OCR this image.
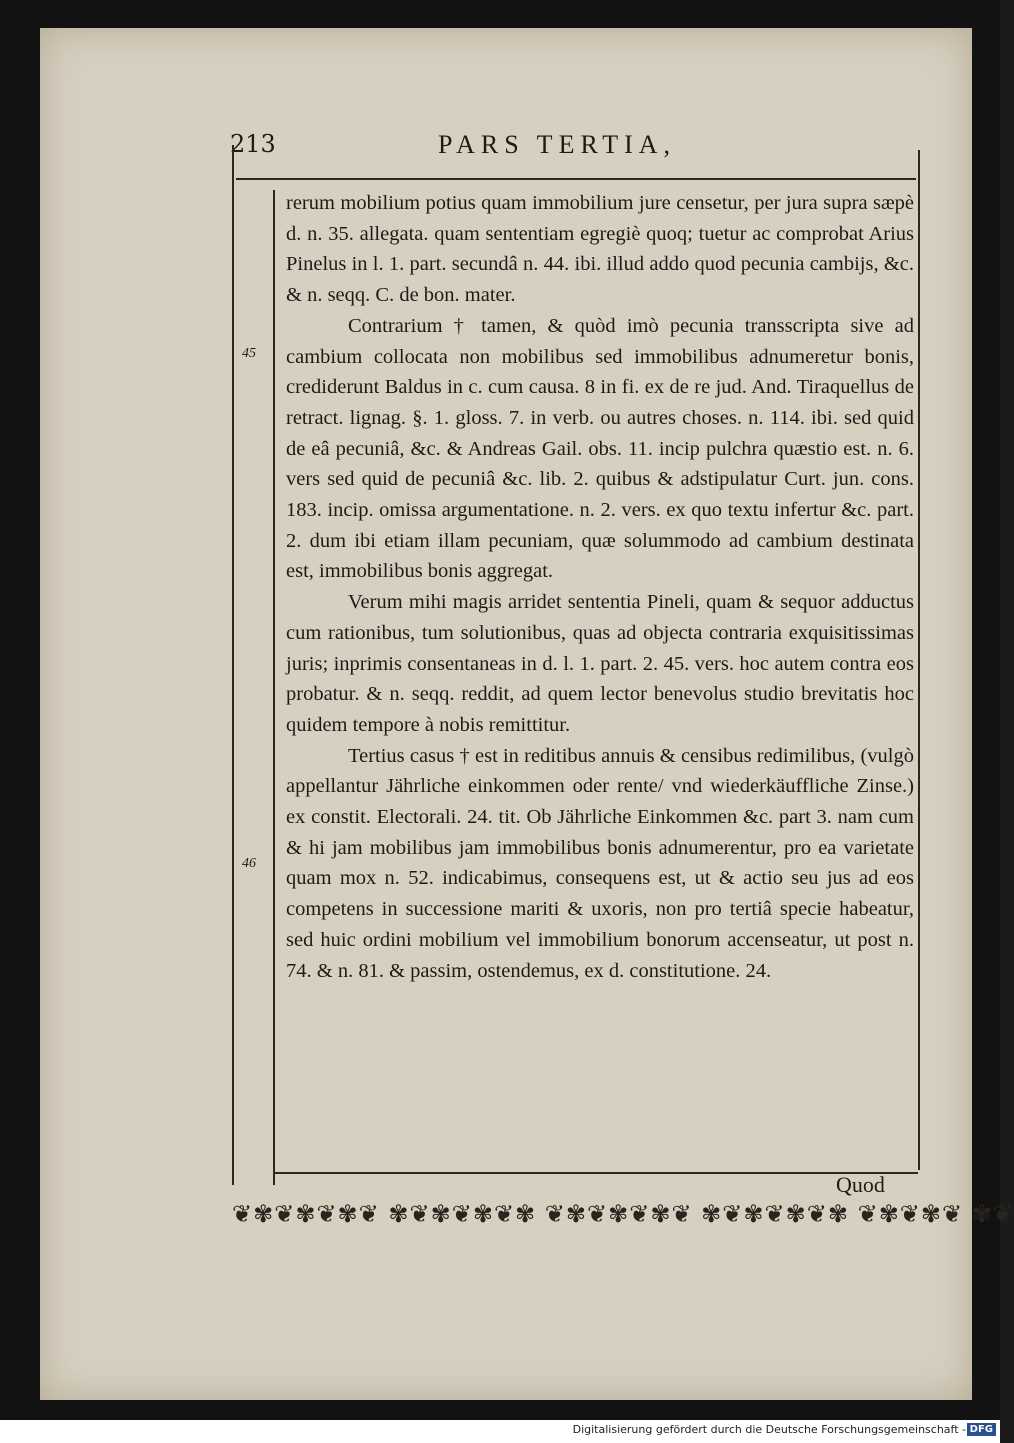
213	PARS TERTIA,
45
46

rerum mobilium potius quam immobilium jure censetur, per jura supra sæpè d. n. 35. allegata. quam sententiam egregiè quoq; tuetur ac comprobat Arius Pinelus in l. 1. part. secundâ n. 44. ibi. illud addo quod pecunia cambijs, &c. & n. seqq. C. de bon. mater.

Contrarium † tamen, & quòd imò pecunia transscripta sive ad cambium collocata non mobilibus sed immobilibus adnumeretur bonis, crediderunt Baldus in c. cum causa. 8 in fi. ex de re jud. And. Tiraquellus de retract. lignag. §. 1. gloss. 7. in verb. ou autres choses. n. 114. ibi. sed quid de eâ pecuniâ, &c. & Andreas Gail. obs. 11. incip pulchra quæstio est. n. 6. vers sed quid de pecuniâ &c. lib. 2. quibus & adstipulatur Curt. jun. cons. 183. incip. omissa argumentatione. n. 2. vers. ex quo textu infertur &c. part. 2. dum ibi etiam illam pecuniam, quæ solummodo ad cambium destinata est, immobilibus bonis aggregat.

Verum mihi magis arridet sententia Pineli, quam & sequor adductus cum rationibus, tum solutionibus, quas ad objecta contraria exquisitissimas juris; inprimis consentaneas in d. l. 1. part. 2. 45. vers. hoc autem contra eos probatur. & n. seqq. reddit, ad quem lector benevolus studio brevitatis hoc quidem tempore à nobis remittitur.

Tertius casus † est in reditibus annuis & censibus redimilibus, (vulgò appellantur Jährliche einkommen oder rente/ vnd wiederkäuffliche Zinse.) ex constit. Electorali. 24. tit. Ob Jährliche Einkommen &c. part 3. nam cum & hi jam mobilibus jam immobilibus bonis adnumerentur, pro ea varietate quam mox n. 52. indicabimus, consequens est, ut & actio seu jus ad eos competens in successione mariti & uxoris, non pro tertiâ specie habeatur, sed huic ordini mobilium vel immobilium bonorum accenseatur, ut post n. 74. & n. 81. & passim, ostendemus, ex d. constitutione. 24.

Quod
❦✾❦✾❦✾❦ ✾❦✾❦✾❦✾ ❦✾❦✾❦✾❦ ✾❦✾❦✾❦✾ ❦✾❦✾❦ ✾❦
Digitalisierung gefördert durch die Deutsche Forschungsgemeinschaft - DFG
